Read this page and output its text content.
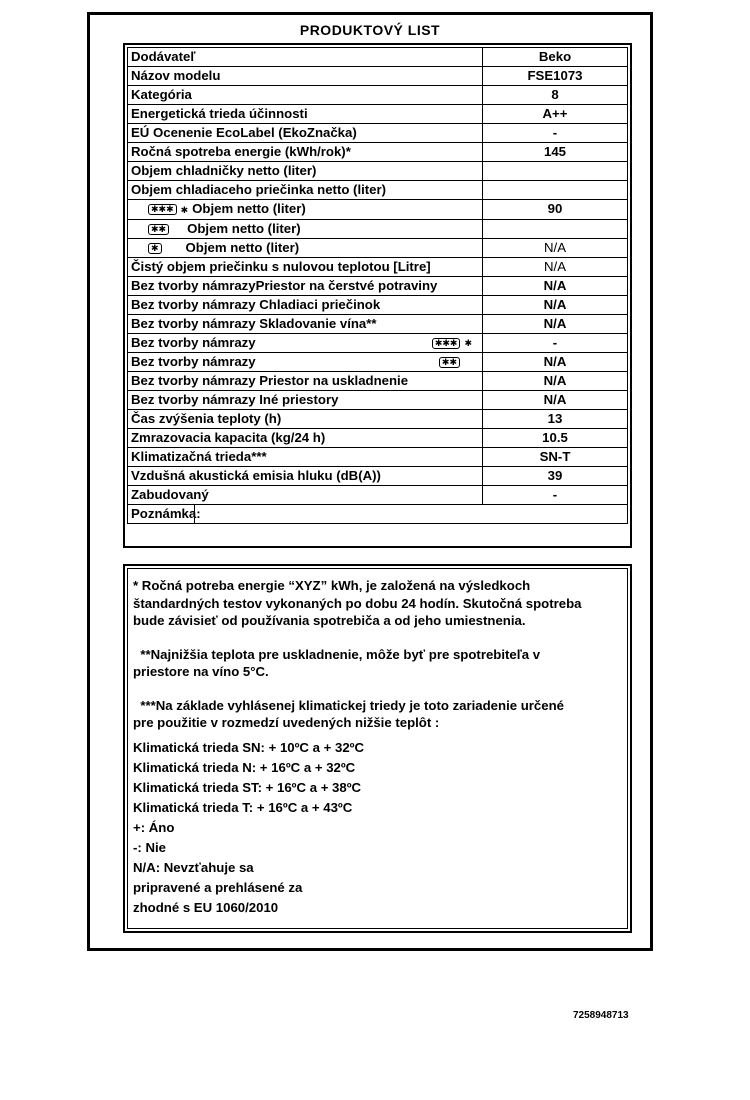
PRODUKTOVÝ LIST
Dodávateľ	Beko
Názov modelu	FSE1073
Kategória	8
Energetická trieda účinnosti	A++
EÚ Ocenenie EcoLabel (EkoZnačka)	-
Ročná spotreba energie (kWh/rok)*	145
Objem chladničky netto (liter)	
Objem chladiaceho priečinka netto (liter)	
✱✱✱ ✱ Objem netto (liter)	90
✱✱ Objem netto (liter)	
✱ Objem netto (liter)	N/A
Čistý objem priečinku s nulovou teplotou [Litre]	N/A
Bez tvorby námrazyPriestor na čerstvé potraviny	N/A
Bez tvorby námrazy Chladiaci priečinok	N/A
Bez tvorby námrazy Skladovanie vína**	N/A
Bez tvorby námrazy ✱✱✱ ✱	-
Bez tvorby námrazy ✱✱	N/A
Bez tvorby námrazy Priestor na uskladnenie	N/A
Bez tvorby námrazy Iné priestory	N/A
Čas zvýšenia teploty (h)	13
Zmrazovacia kapacita (kg/24 h)	10.5
Klimatizačná trieda***	SN-T
Vzdušná akustická emisia hluku (dB(A))	39
Zabudovaný	-
Poznámka:	

* Ročná potreba energie “XYZ” kWh, je založená na výsledkoch

štandardných testov vykonaných po dobu 24 hodín. Skutočná spotreba

bude závisieť od používania spotrebiča a od jeho umiestnenia.

**Najnižšia teplota pre uskladnenie, môže byť pre spotrebiteľa v

priestore na víno 5°C.

***Na základe vyhlásenej klimatickej triedy je toto zariadenie určené

pre použitie v rozmedzí uvedených nižšie teplôt :

Klimatická trieda SN: + 10ºC a + 32ºC

Klimatická trieda N: + 16ºC a + 32ºC

Klimatická trieda ST: + 16ºC a + 38ºC

Klimatická trieda T: + 16ºC a + 43ºC

+: Áno

-: Nie

N/A: Nevzťahuje sa

pripravené a prehlásené za

zhodné s EU 1060/2010

7258948713
